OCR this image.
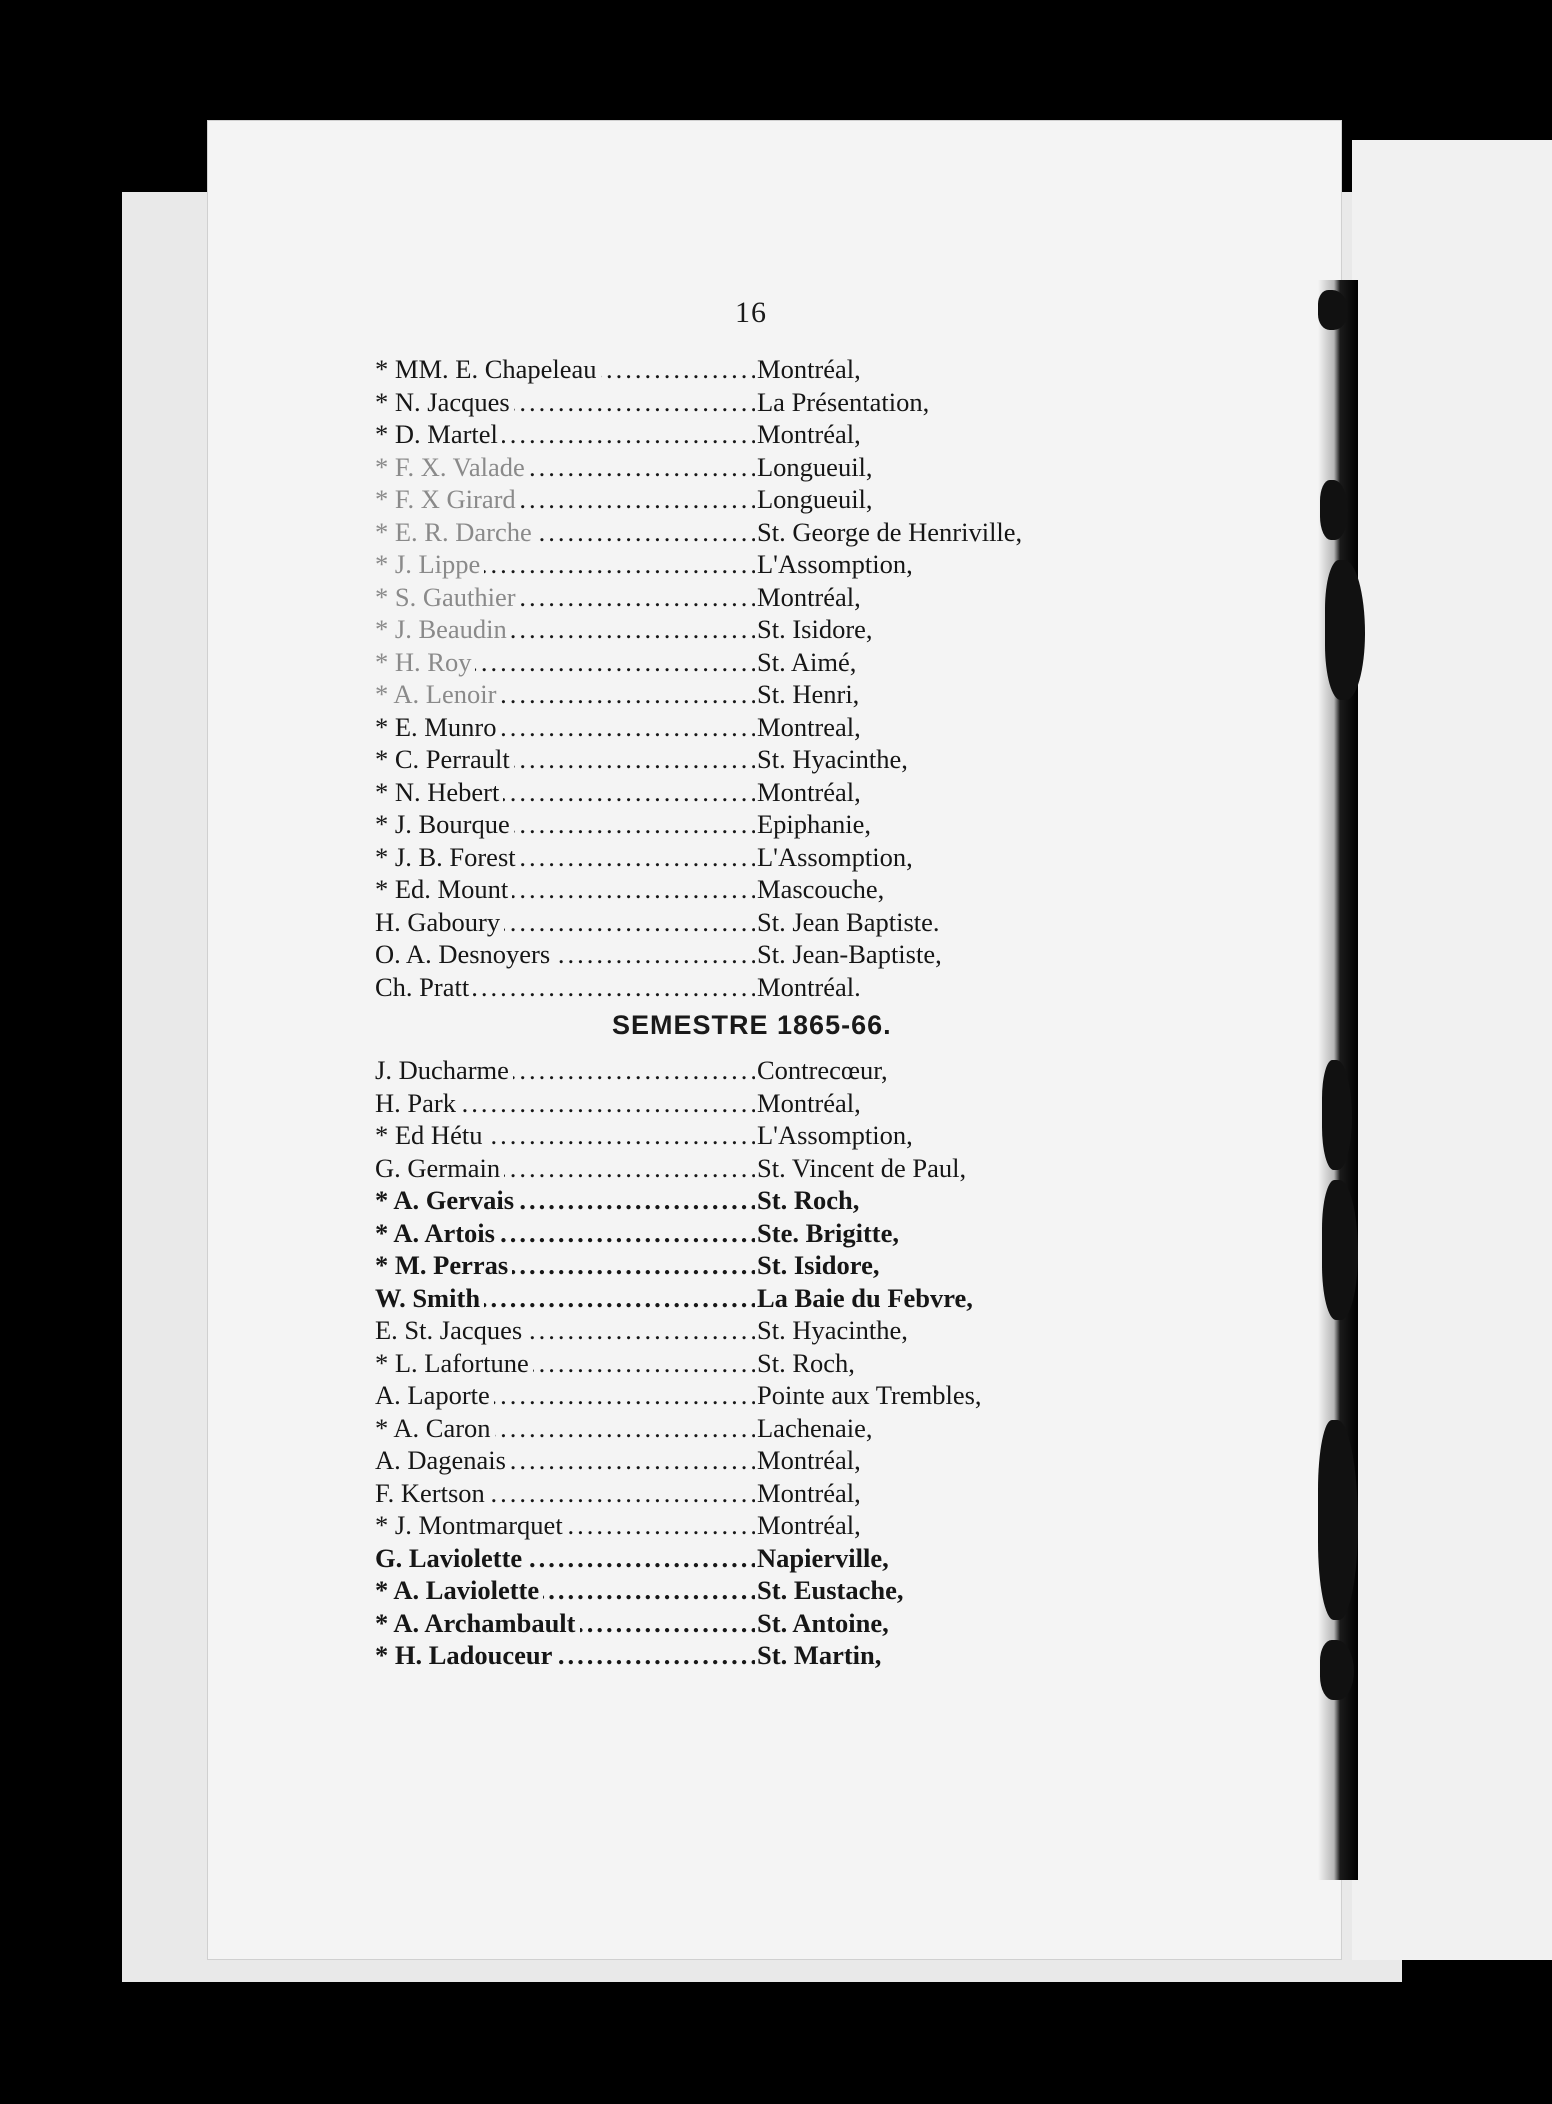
16
* MM. E. Chapeleau .....	Montréal,
* N. Jacques .....	La Présentation,
* D. Martel .....	Montréal,
* F. X. Valade .....	Longueuil,
* F. X Girard .....	Longueuil,
* E. R. Darche .....	St. George de Henriville,
* J. Lippe .....	L'Assomption,
* S. Gauthier .....	Montréal,
* J. Beaudin .....	St. Isidore,
* H. Roy .....	St. Aimé,
* A. Lenoir .....	St. Henri,
* E. Munro .....	Montreal,
* C. Perrault .....	St. Hyacinthe,
* N. Hebert .....	Montréal,
* J. Bourque .....	Epiphanie,
* J. B. Forest .....	L'Assomption,
* Ed. Mount .....	Mascouche,
H. Gaboury .....	St. Jean Baptiste.
O. A. Desnoyers .....	St. Jean-Baptiste,
Ch. Pratt .....	Montréal.
SEMESTRE 1865-66.
J. Ducharme .....	Contrecœur,
H. Park .....	Montréal,
* Ed Hétu .....	L'Assomption,
G. Germain .....	St. Vincent de Paul,
* A. Gervais .....	St. Roch,
* A. Artois .....	Ste. Brigitte,
* M. Perras .....	St. Isidore,
W. Smith .....	La Baie du Febvre,
E. St. Jacques .....	St. Hyacinthe,
* L. Lafortune .....	St. Roch,
A. Laporte .....	Pointe aux Trembles,
* A. Caron .....	Lachenaie,
A. Dagenais .....	Montréal,
F. Kertson .....	Montréal,
* J. Montmarquet .....	Montréal,
G. Laviolette .....	Napierville,
* A. Laviolette .....	St. Eustache,
* A. Archambault .....	St. Antoine,
* H. Ladouceur .....	St. Martin,
